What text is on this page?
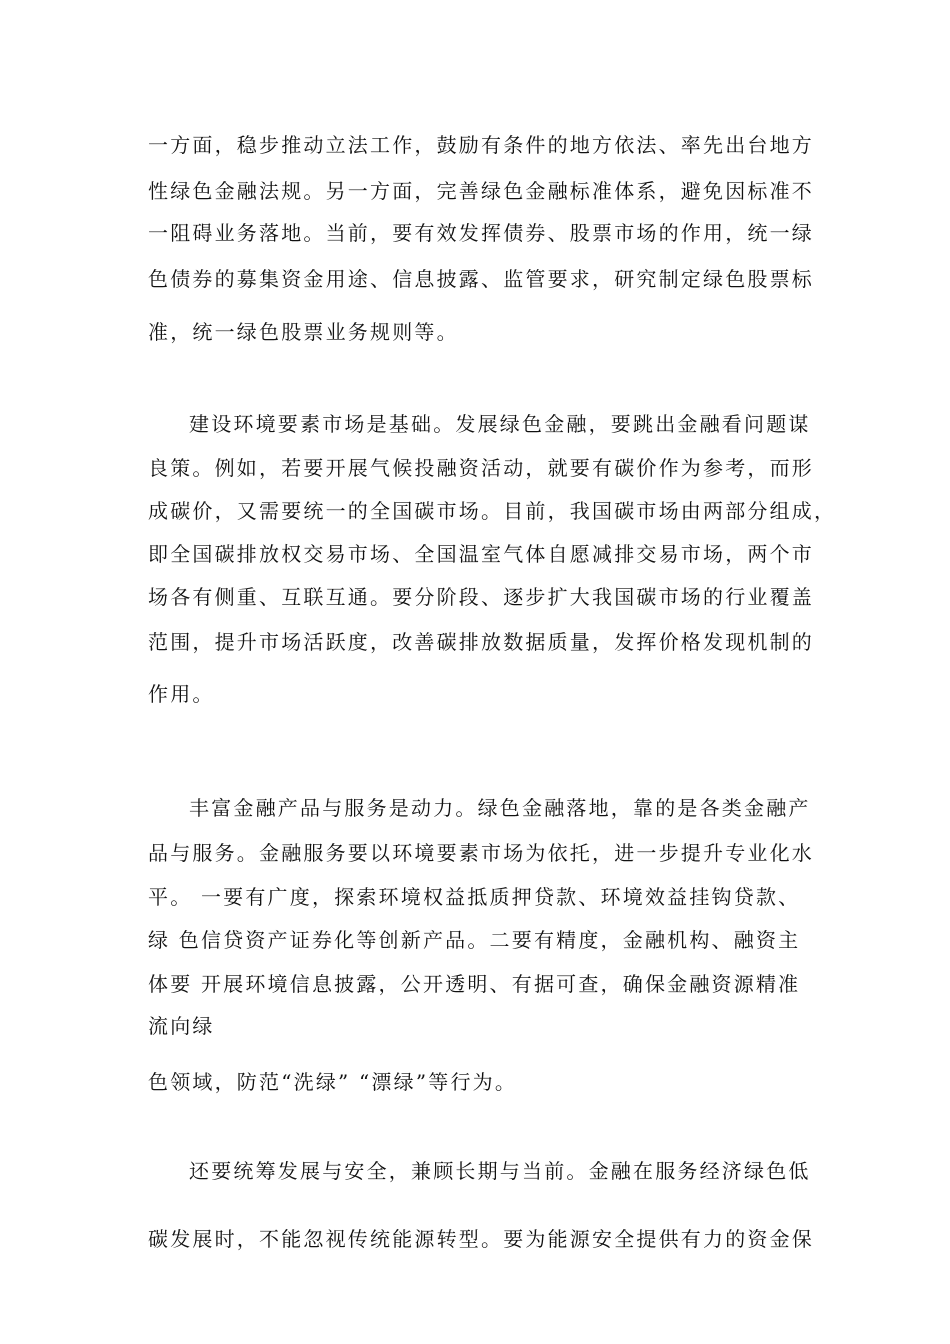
一方面，稳步推动立法工作，鼓励有条件的地方依法、率先出台地方
性绿色金融法规。另一方面，完善绿色金融标准体系，避免因标准不
一阻碍业务落地。当前，要有效发挥债券、股票市场的作用，统一绿
色债券的募集资金用途、信息披露、监管要求，研究制定绿色股票标
准，统一绿色股票业务规则等。
建设环境要素市场是基础。发展绿色金融，要跳出金融看问题谋
良策。例如，若要开展气候投融资活动，就要有碳价作为参考，而形
成碳价，又需要统一的全国碳市场。目前，我国碳市场由两部分组成，
即全国碳排放权交易市场、全国温室气体自愿减排交易市场，两个市
场各有侧重、互联互通。要分阶段、逐步扩大我国碳市场的行业覆盖
范围，提升市场活跃度，改善碳排放数据质量，发挥价格发现机制的
作用。
丰富金融产品与服务是动力。绿色金融落地，靠的是各类金融产
品与服务。金融服务要以环境要素市场为依托，进一步提升专业化水
平。 一要有广度，探索环境权益抵质押贷款、环境效益挂钩贷款、
绿 色信贷资产证券化等创新产品。二要有精度，金融机构、融资主
体要 开展环境信息披露，公开透明、有据可查，确保金融资源精准
流向绿
色领域，防范“洗绿” “漂绿”等行为。
还要统筹发展与安全，兼顾长期与当前。金融在服务经济绿色低
碳发展时，不能忽视传统能源转型。要为能源安全提供有力的资金保
